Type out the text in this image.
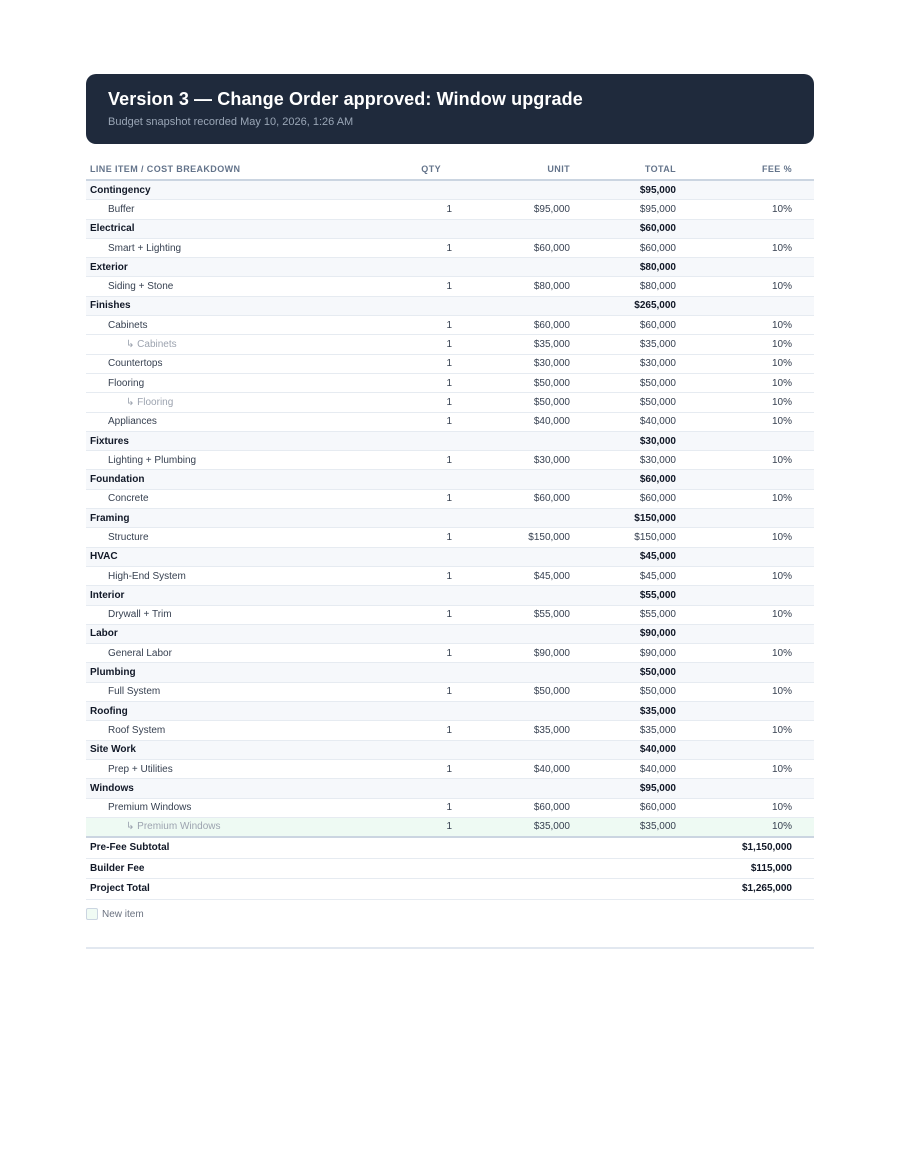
Version 3 — Change Order approved: Window upgrade
Budget snapshot recorded May 10, 2026, 1:26 AM
LINE ITEM / COST BREAKDOWN	QTY	UNIT	TOTAL	FEE %
Contingency			$95,000	
Buffer	1	$95,000	$95,000	10%
Electrical			$60,000	
Smart + Lighting	1	$60,000	$60,000	10%
Exterior			$80,000	
Siding + Stone	1	$80,000	$80,000	10%
Finishes			$265,000	
Cabinets	1	$60,000	$60,000	10%
↳ Cabinets	1	$35,000	$35,000	10%
Countertops	1	$30,000	$30,000	10%
Flooring	1	$50,000	$50,000	10%
↳ Flooring	1	$50,000	$50,000	10%
Appliances	1	$40,000	$40,000	10%
Fixtures			$30,000	
Lighting + Plumbing	1	$30,000	$30,000	10%
Foundation			$60,000	
Concrete	1	$60,000	$60,000	10%
Framing			$150,000	
Structure	1	$150,000	$150,000	10%
HVAC			$45,000	
High-End System	1	$45,000	$45,000	10%
Interior			$55,000	
Drywall + Trim	1	$55,000	$55,000	10%
Labor			$90,000	
General Labor	1	$90,000	$90,000	10%
Plumbing			$50,000	
Full System	1	$50,000	$50,000	10%
Roofing			$35,000	
Roof System	1	$35,000	$35,000	10%
Site Work			$40,000	
Prep + Utilities	1	$40,000	$40,000	10%
Windows			$95,000	
Premium Windows	1	$60,000	$60,000	10%
↳ Premium Windows	1	$35,000	$35,000	10%
Pre-Fee Subtotal				$1,150,000
Builder Fee				$115,000
Project Total				$1,265,000
New item
